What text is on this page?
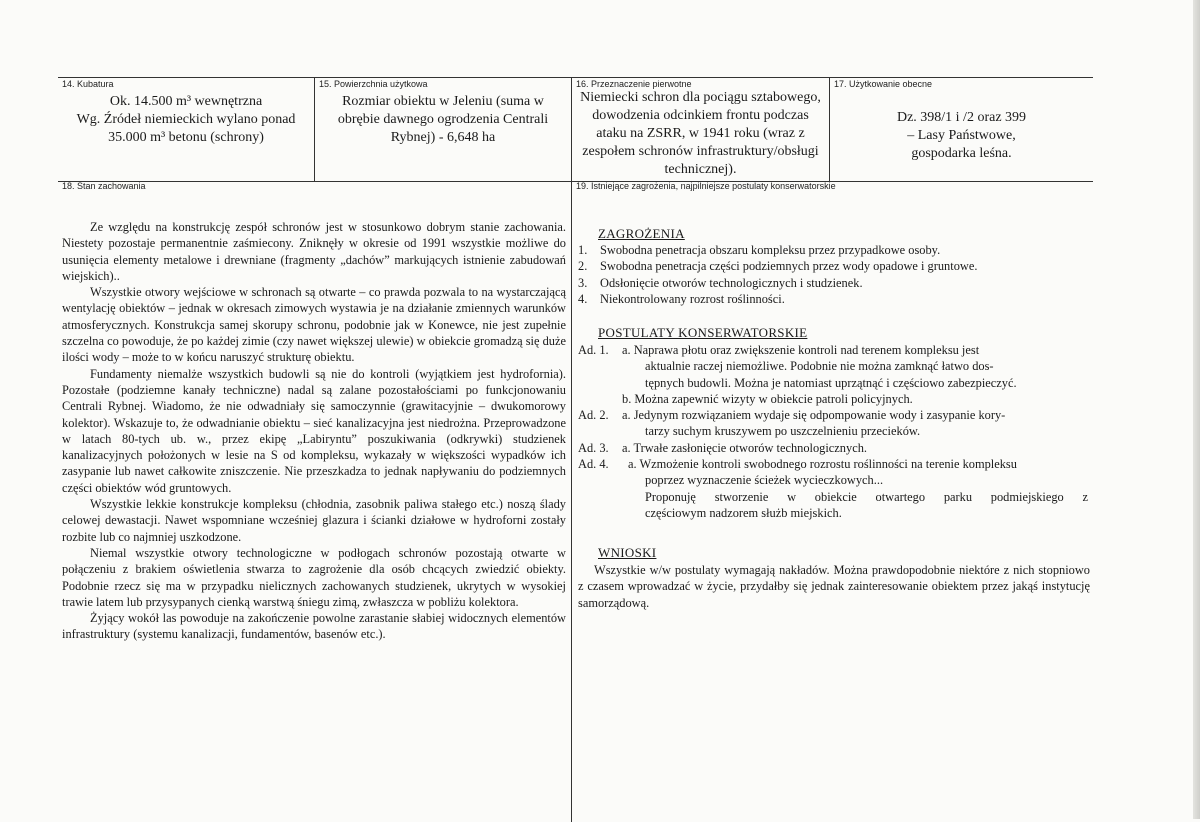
14. Kubatura
Ok. 14.500 m³ wewnętrzna
Wg. Źródeł niemieckich wylano ponad
35.000 m³ betonu (schrony)
15. Powierzchnia użytkowa
Rozmiar obiektu w Jeleniu (suma w
obrębie dawnego ogrodzenia Centrali
Rybnej) - 6,648 ha
16. Przeznaczenie pierwotne
Niemiecki schron dla pociągu sztabowego,
dowodzenia odcinkiem frontu podczas
ataku na ZSRR, w 1941 roku (wraz z
zespołem schronów infrastruktury/obsługi
technicznej).
17. Użytkowanie obecne
Dz. 398/1 i /2 oraz 399
– Lasy Państwowe,
gospodarka leśna.
18. Stan zachowania	19. Istniejące zagrożenia, najpilniejsze postulaty konserwatorskie

Ze względu na konstrukcję zespół schronów jest w stosunkowo dobrym stanie zachowania. Niestety pozostaje permanentnie zaśmiecony. Zniknęły w okresie od 1991 wszystkie możliwe do usunięcia elementy metalowe i drewniane (fragmenty „dachów” markujących istnienie zabudowań wiejskich)..

Wszystkie otwory wejściowe w schronach są otwarte – co prawda pozwala to na wystarczającą wentylację obiektów – jednak w okresach zimowych wystawia je na działanie zmiennych warunków atmosferycznych. Konstrukcja samej skorupy schronu, podobnie jak w Konewce, nie jest zupełnie szczelna co powoduje, że po każdej zimie (czy nawet większej ulewie) w obiekcie gromadzą się duże ilości wody – może to w końcu naruszyć strukturę obiektu.

Fundamenty niemalże wszystkich budowli są nie do kontroli (wyjątkiem jest hydrofornia). Pozostałe (podziemne kanały techniczne) nadal są zalane pozostałościami po funkcjonowaniu Centrali Rybnej. Wiadomo, że nie odwadniały się samoczynnie (grawitacyjnie – dwukomorowy kolektor). Wskazuje to, że odwadnianie obiektu – sieć kanalizacyjna jest niedrożna. Przeprowadzone w latach 80-tych ub. w., przez ekipę „Labiryntu” poszukiwania (odkrywki) studzienek kanalizacyjnych położonych w lesie na S od kompleksu, wykazały w większości wypadków ich zasypanie lub nawet całkowite zniszczenie. Nie przeszkadza to jednak napływaniu do podziemnych części obiektów wód gruntowych.

Wszystkie lekkie konstrukcje kompleksu (chłodnia, zasobnik paliwa stałego etc.) noszą ślady celowej dewastacji. Nawet wspomniane wcześniej glazura i ścianki działowe w hydroforni zostały rozbite lub co najmniej uszkodzone.

Niemal wszystkie otwory technologiczne w podłogach schronów pozostają otwarte w połączeniu z brakiem oświetlenia stwarza to zagrożenie dla osób chcących zwiedzić obiekty. Podobnie rzecz się ma w przypadku nielicznych zachowanych studzienek, ukrytych w wysokiej trawie latem lub przysypanych cienką warstwą śniegu zimą, zwłaszcza w pobliżu kolektora.

Żyjący wokół las powoduje na zakończenie powolne zarastanie słabiej widocznych elementów infrastruktury (systemu kanalizacji, fundamentów, basenów etc.).

ZAGROŻENIA
1. Swobodna penetracja obszaru kompleksu przez przypadkowe osoby.
2. Swobodna penetracja części podziemnych przez wody opadowe i gruntowe.
3. Odsłonięcie otworów technologicznych i studzienek.
4. Niekontrolowany rozrost roślinności.
POSTULATY KONSERWATORSKIE
Ad. 1.	a. Naprawa płotu oraz zwiększenie kontroli nad terenem kompleksu jest
aktualnie raczej niemożliwe. Podobnie nie można zamknąć łatwo dos-
tępnych budowli. Można je natomiast uprzątnąć i częściowo zabezpieczyć.
b. Można zapewnić wizyty w obiekcie patroli policyjnych.
Ad. 2.	a. Jedynym rozwiązaniem wydaje się odpompowanie wody i zasypanie kory-
tarzy suchym kruszywem po uszczelnieniu przecieków.
Ad. 3.	a. Trwałe zasłonięcie otworów technologicznych.
Ad. 4.	a. Wzmożenie kontroli swobodnego rozrostu roślinności na terenie kompleksu
poprzez wyznaczenie ścieżek wycieczkowych...
Proponuję stworzenie w obiekcie otwartego parku podmiejskiego z
częściowym nadzorem służb miejskich.
WNIOSKI
Wszystkie w/w postulaty wymagają nakładów. Można prawdopodobnie niektóre z nich stopniowo z czasem wprowadzać w życie, przydałby się jednak zainteresowanie obiektem przez jakąś instytucję samorządową.
